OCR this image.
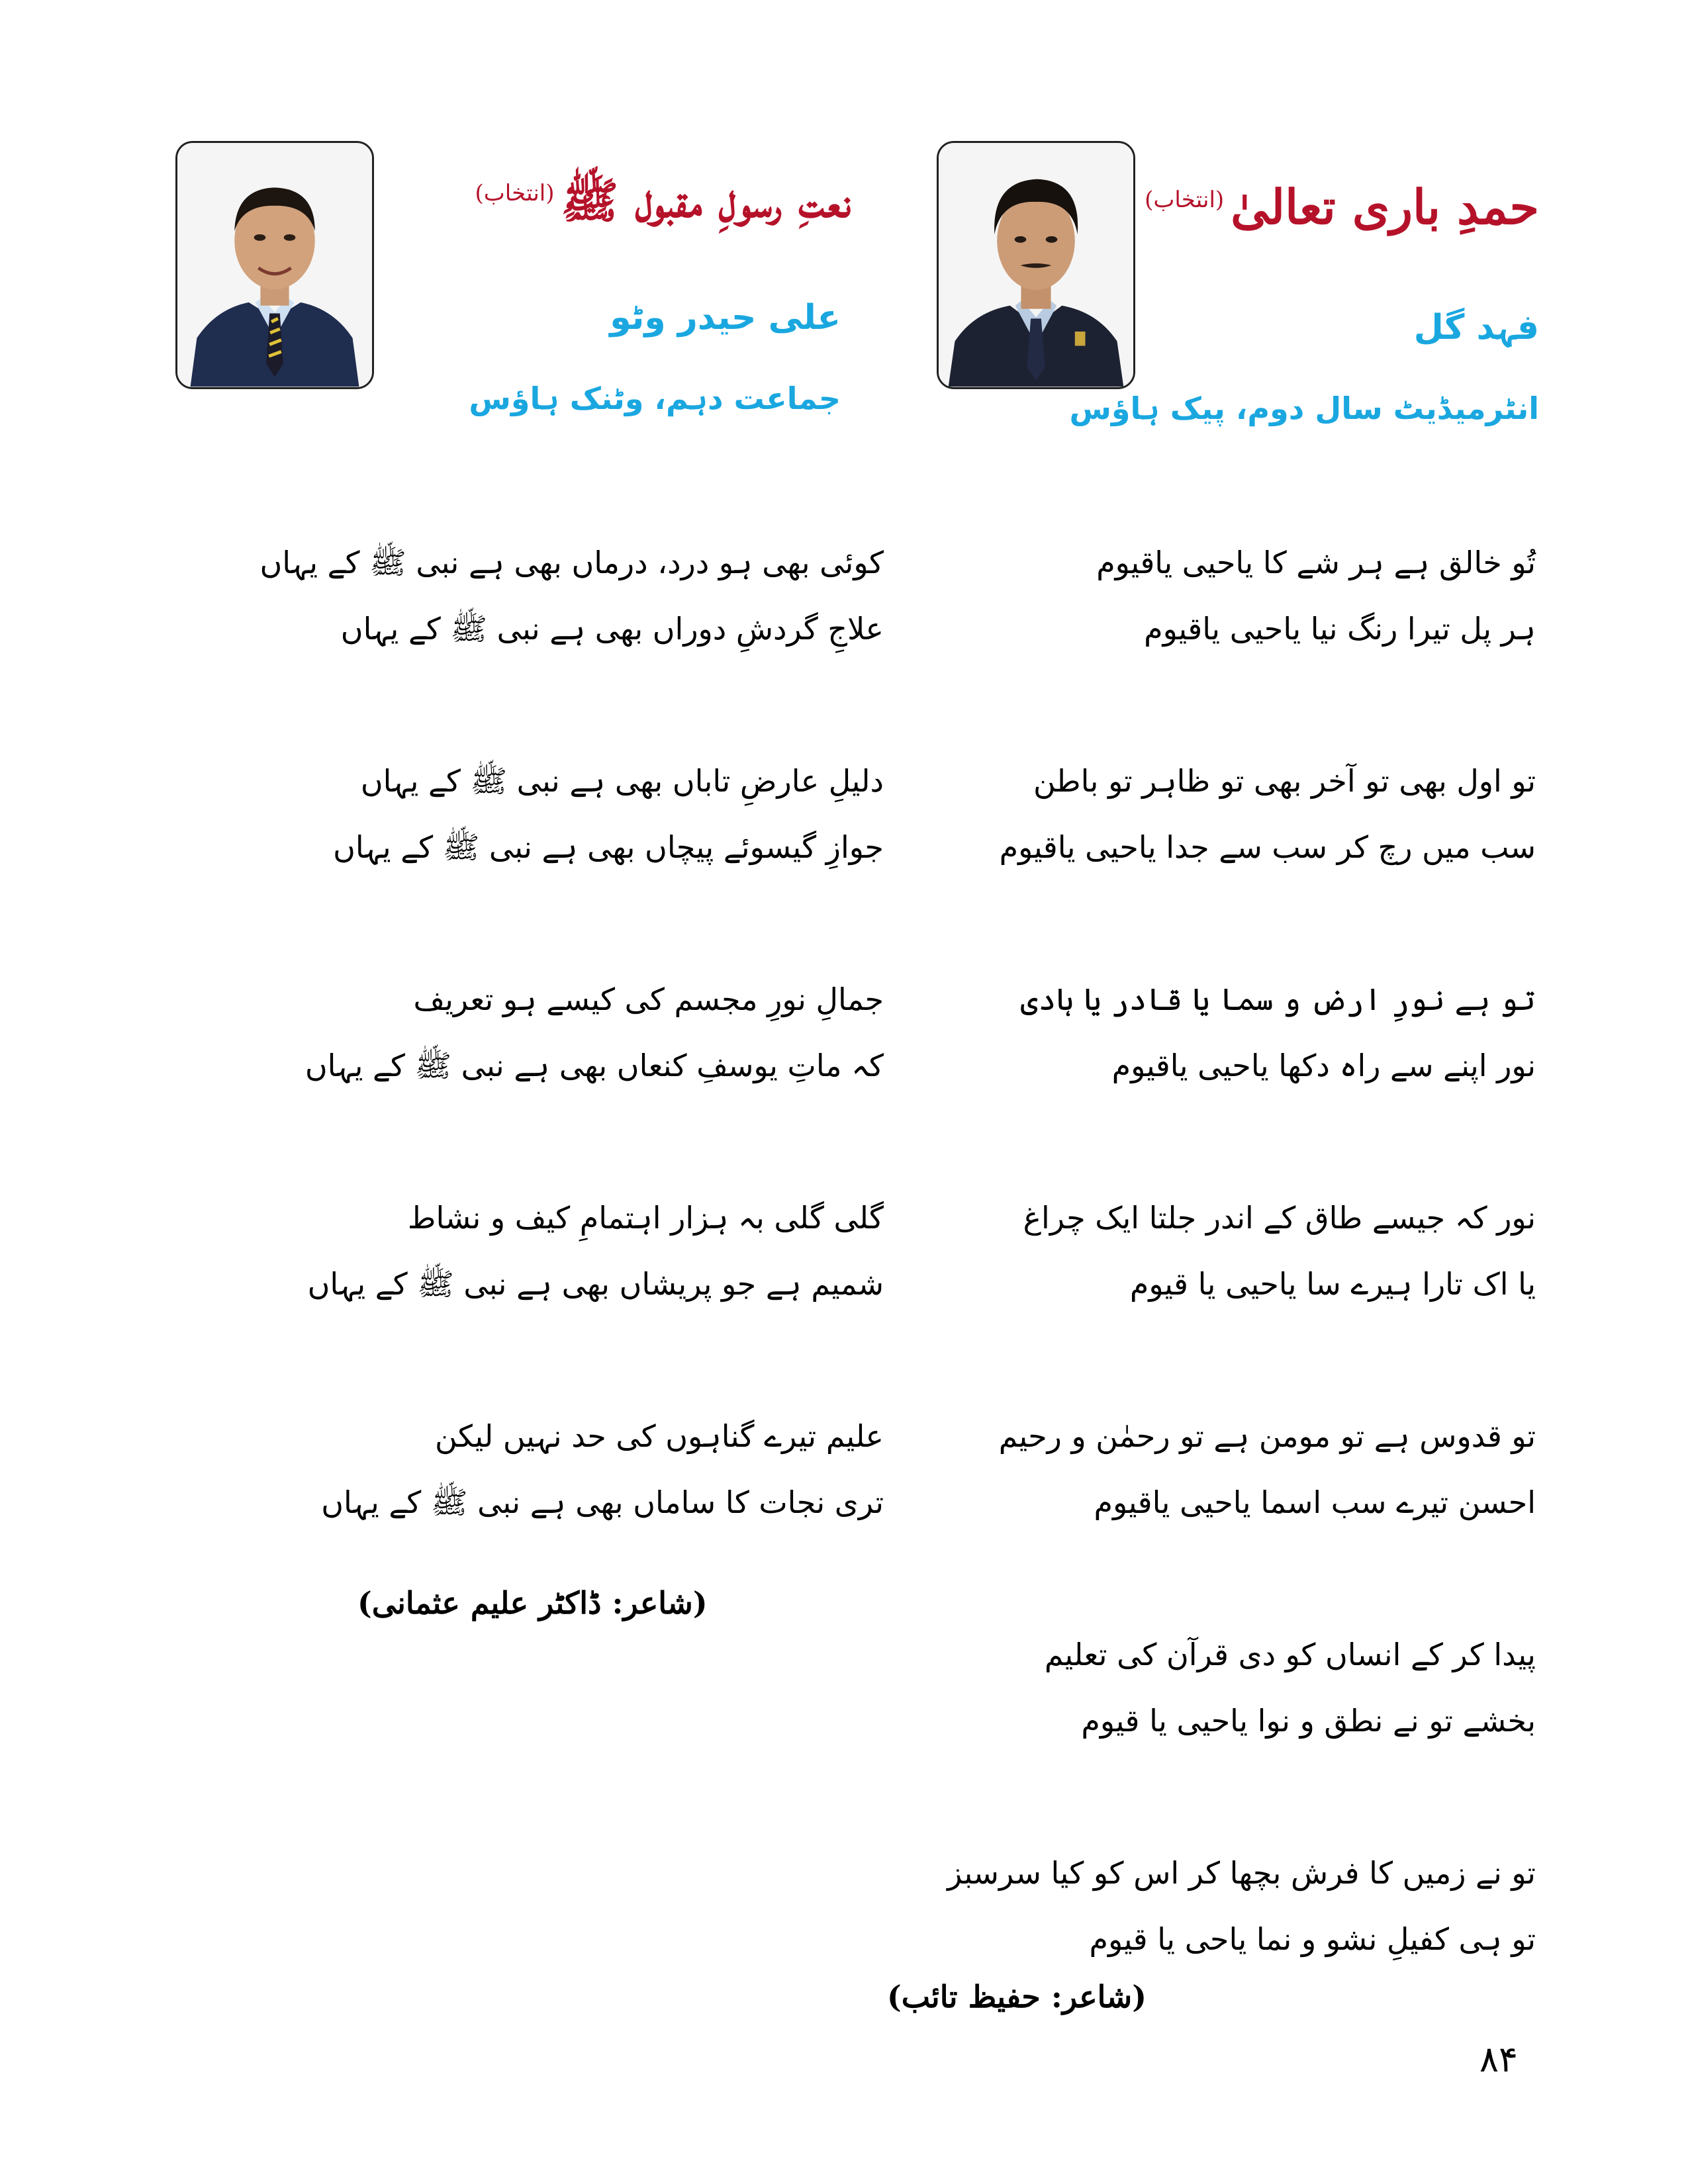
حمدِ باری تعالیٰ$^{(انتخاب)}$
فہد گل
انٹرمیڈیٹ سال دوم، پیک ہاؤس
نعتِ رسولِ مقبول ﷺ$^{(انتخاب)}$
علی حیدر وٹو
جماعت دہم، وٹنک ہاؤس
تُو خالق ہے ہر شے کا یاحیی یاقیوم
ہر پل تیرا رنگ نیا یاحیی یاقیوم
تو اول بھی تو آخر بھی تو ظاہر تو باطن
سب میں رچ کر سب سے جدا یاحیی یاقیوم
تو ہے نورِ ارض و سما یا قادر یا ہادی
نور اپنے سے راہ دکھا یاحیی یاقیوم
نور کہ جیسے طاق کے اندر جلتا ایک چراغ
یا اک تارا ہیرے سا یاحیی یا قیوم
تو قدوس ہے تو مومن ہے تو رحمٰن و رحیم
احسن تیرے سب اسما یاحیی یاقیوم
پیدا کر کے انساں کو دی قرآن کی تعلیم
بخشے تو نے نطق و نوا یاحیی یا قیوم
تو نے زمیں کا فرش بچھا کر اس کو کیا سرسبز
تو ہی کفیلِ نشو و نما یاحی یا قیوم
(شاعر: حفیظ تائب)
کوئی بھی ہو درد، درماں بھی ہے نبی ﷺ کے یہاں
علاجِ گردشِ دوراں بھی ہے نبی ﷺ کے یہاں
دلیلِ عارضِ تاباں بھی ہے نبی ﷺ کے یہاں
جوازِ گیسوئے پیچاں بھی ہے نبی ﷺ کے یہاں
جمالِ نورِ مجسم کی کیسے ہو تعریف
کہ ماتِ یوسفِ کنعاں بھی ہے نبی ﷺ کے یہاں
گلی گلی بہ ہزار اہتمامِ کیف و نشاط
شمیم ہے جو پریشاں بھی ہے نبی ﷺ کے یہاں
علیم تیرے گناہوں کی حد نہیں لیکن
تری نجات کا ساماں بھی ہے نبی ﷺ کے یہاں
(شاعر: ڈاکٹر علیم عثمانی)
۸۴
